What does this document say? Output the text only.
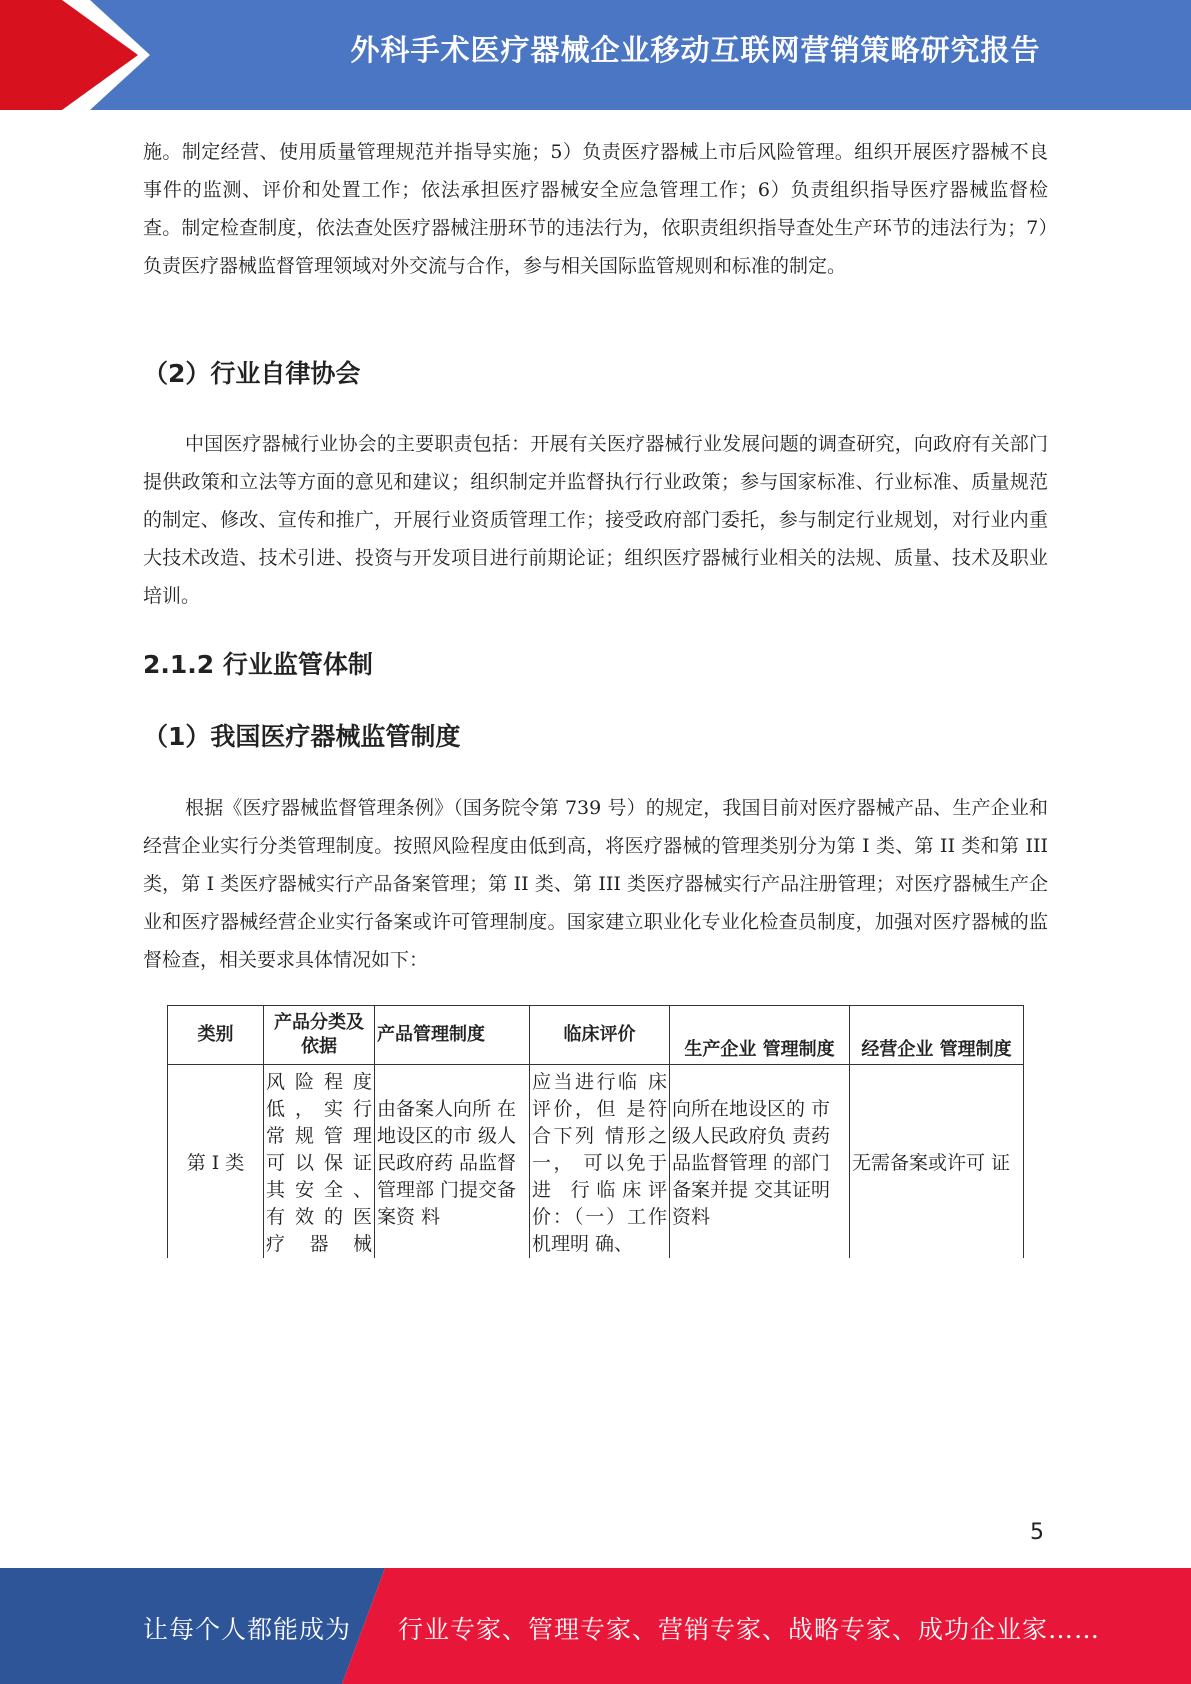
外科手术医疗器械企业移动互联网营销策略研究报告

施。制定经营、使用质量管理规范并指导实施；5）负责医疗器械上市后风险管理。组织开展医疗器械不良事件的监测、评价和处置工作；依法承担医疗器械安全应急管理工作；6）负责组织指导医疗器械监督检查。制定检查制度，依法查处医疗器械注册环节的违法行为，依职责组织指导查处生产环节的违法行为；7）负责医疗器械监督管理领域对外交流与合作，参与相关国际监管规则和标准的制定。

（2）行业自律协会

中国医疗器械行业协会的主要职责包括：开展有关医疗器械行业发展问题的调查研究，向政府有关部门提供政策和立法等方面的意见和建议；组织制定并监督执行行业政策；参与国家标准、行业标准、质量规范的制定、修改、宣传和推广，开展行业资质管理工作；接受政府部门委托，参与制定行业规划，对行业内重大技术改造、技术引进、投资与开发项目进行前期论证；组织医疗器械行业相关的法规、质量、技术及职业培训。

2.1.2 行业监管体制
（1）我国医疗器械监管制度

根据《医疗器械监督管理条例》（国务院令第 739 号）的规定，我国目前对医疗器械产品、生产企业和经营企业实行分类管理制度。按照风险程度由低到高，将医疗器械的管理类别分为第 I 类、第 II 类和第 III 类，第 I 类医疗器械实行产品备案管理；第 II 类、第 III 类医疗器械实行产品注册管理；对医疗器械生产企业和医疗器械经营企业实行备案或许可管理制度。国家建立职业化专业化检查员制度，加强对医疗器械的监督检查，相关要求具体情况如下：

类别	产品分类及依据	产品管理制度	临床评价	生产企业 管理制度	经营企业 管理制度
第 I 类	风 险 程 度低 ， 实 行常 规 管 理可 以 保 证其 安 全 、有 效 的 医疗器械	由备案人向所 在地设区的市 级人民政府药 品监督管理部 门提交备案资 料	应当进行临 床评价，但 是符合下列 情形之一， 可以免于进 行临床评价：（一）工作机理明 确、	向所在地设区的 市级人民政府负 责药品监督管理 的部门备案并提 交其证明资料	无需备案或许可 证
5
让每个人都能成为 行业专家、管理专家、营销专家、战略专家、成功企业家……
